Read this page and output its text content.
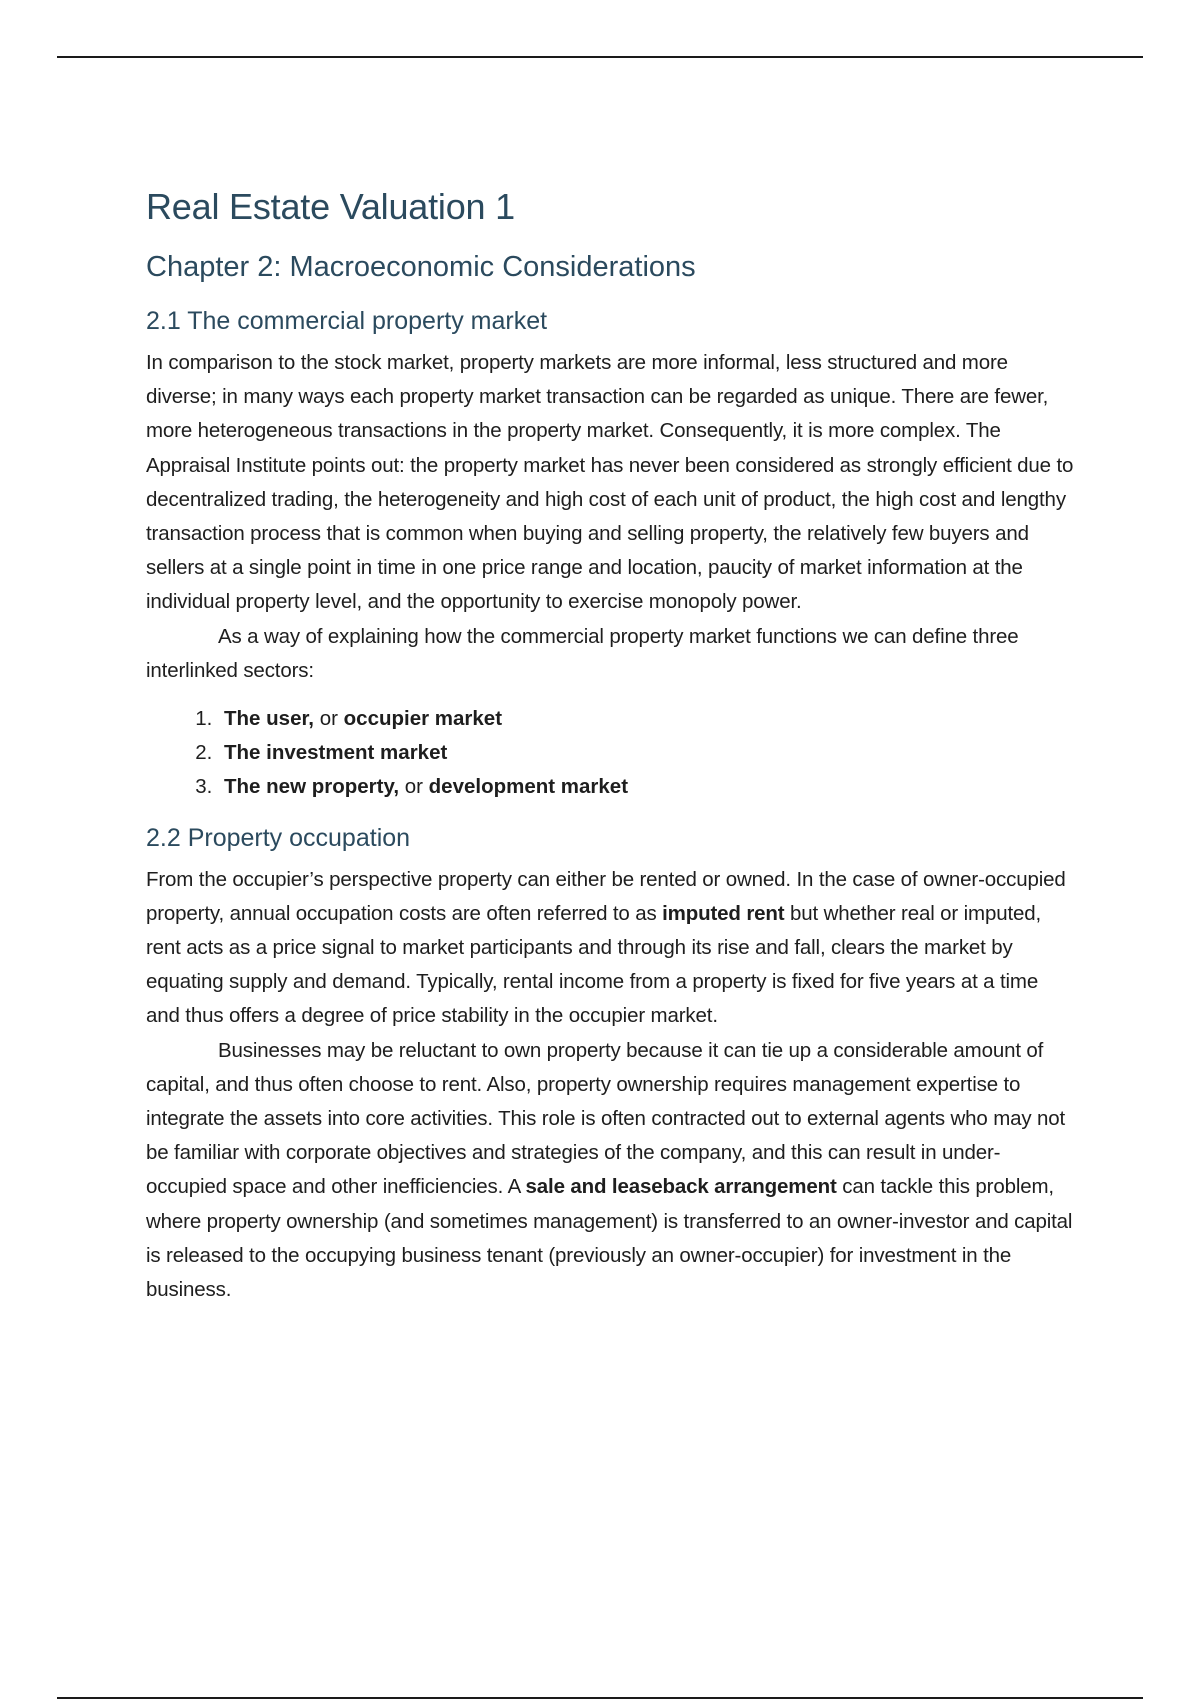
Real Estate Valuation 1
Chapter 2: Macroeconomic Considerations
2.1 The commercial property market

In comparison to the stock market, property markets are more informal, less structured and more diverse; in many ways each property market transaction can be regarded as unique. There are fewer, more heterogeneous transactions in the property market. Consequently, it is more complex. The Appraisal Institute points out: the property market has never been considered as strongly efficient due to decentralized trading, the heterogeneity and high cost of each unit of product, the high cost and lengthy transaction process that is common when buying and selling property, the relatively few buyers and sellers at a single point in time in one price range and location, paucity of market information at the individual property level, and the opportunity to exercise monopoly power.

As a way of explaining how the commercial property market functions we can define three interlinked sectors:

1. The user, or occupier market
2. The investment market
3. The new property, or development market
2.2 Property occupation

From the occupier’s perspective property can either be rented or owned. In the case of owner-occupied property, annual occupation costs are often referred to as imputed rent but whether real or imputed, rent acts as a price signal to market participants and through its rise and fall, clears the market by equating supply and demand. Typically, rental income from a property is fixed for five years at a time and thus offers a degree of price stability in the occupier market.

Businesses may be reluctant to own property because it can tie up a considerable amount of capital, and thus often choose to rent. Also, property ownership requires management expertise to integrate the assets into core activities. This role is often contracted out to external agents who may not be familiar with corporate objectives and strategies of the company, and this can result in under-occupied space and other inefficiencies. A sale and leaseback arrangement can tackle this problem, where property ownership (and sometimes management) is transferred to an owner-investor and capital is released to the occupying business tenant (previously an owner-occupier) for investment in the business.
